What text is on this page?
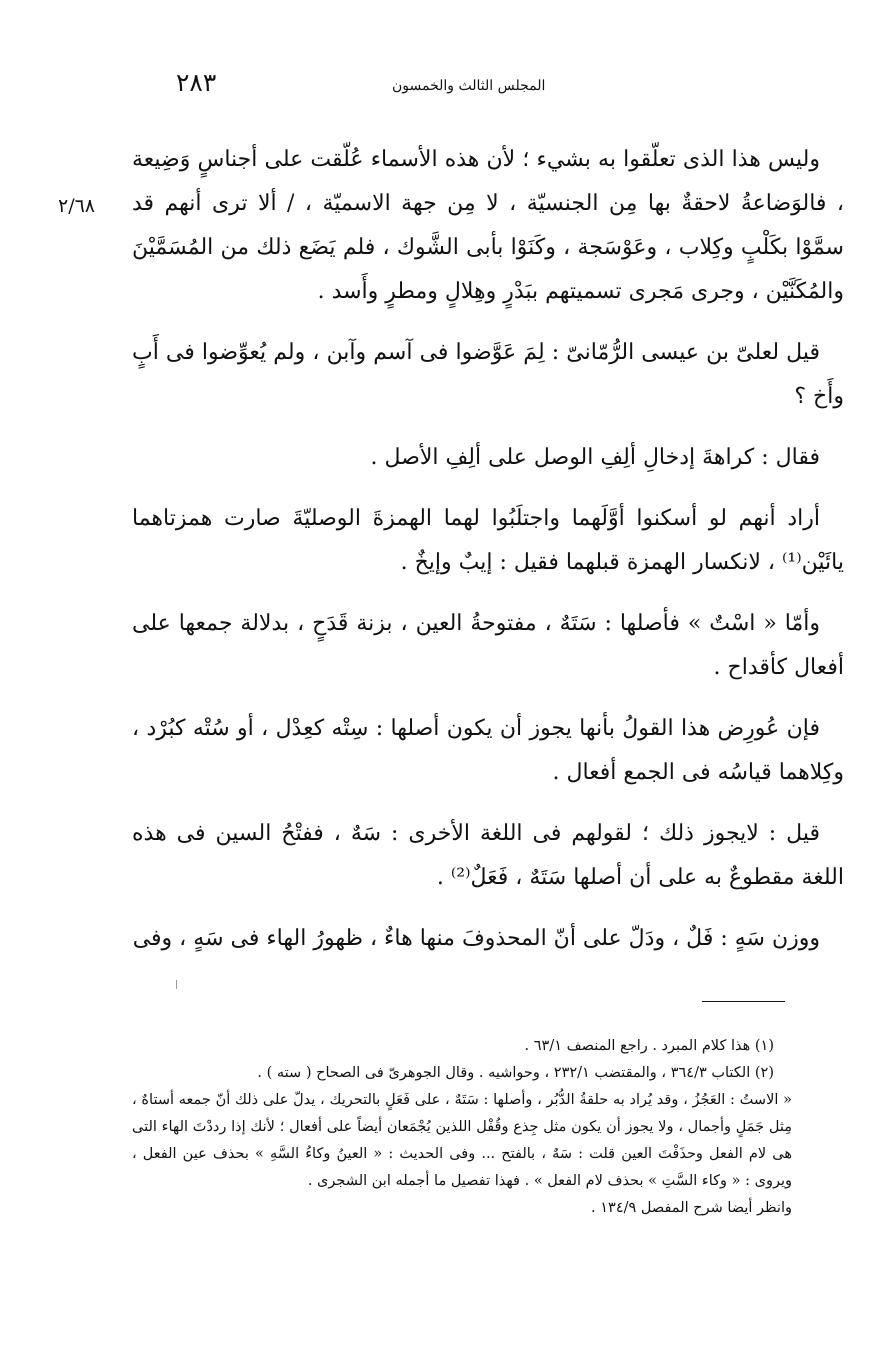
٢٨٣	المجلس الثالث والخمسون
٢/٦٨

وليس هذا الذى تعلّقوا به بشيء ؛ لأن هذه الأسماء عُلّقت على أجناسٍ وَضِيعة ، فالوَضاعةُ لاحقةٌ بها مِن الجنسيّة ، لا مِن جهة الاسميّة ، / ألا ترى أنهم قد سمَّوْا بكَلْبٍ وكِلاب ، وعَوْسَجة ، وكَنَوْا بأبى الشَّوك ، فلم يَضَع ذلك من المُسَمَّيْنَ والمُكَنَّيْن ، وجرى مَجرى تسميتهم ببَدْرٍ وهِلالٍ ومطرٍ وأَسد .

قيل لعلىّ بن عيسى الرُّمّانىّ : لِمَ عَوَّضوا فى آسم وآبن ، ولم يُعوِّضوا فى أَبٍ وأَخ ؟

فقال : كراهةَ إدخالِ ألِفِ الوصل على ألِفِ الأصل .

أراد أنهم لو أسكنوا أوَّلَهما واجتلَبُوا لهما الهمزةَ الوصليّةَ صارت همزتاهما يائَيْن⁽¹⁾ ، لانكسار الهمزة قبلهما فقيل : إيبٌ وإيخٌ .

وأمّا « اسْتٌ » فأصلها : سَتَهٌ ، مفتوحةُ العين ، بزنة قَدَحٍ ، بدلالة جمعها على أفعال كأقداح .

فإن عُورِض هذا القولُ بأنها يجوز أن يكون أصلها : سِتْه كعِدْل ، أو سُتْه كبُرْد ، وكِلاهما قياسُه فى الجمع أفعال .

قيل : لايجوز ذلك ؛ لقولهم فى اللغة الأخرى : سَهٌ ، ففتْحُ السين فى هذه اللغة مقطوعٌ به على أن أصلها سَتَهٌ ، فَعَلٌ⁽²⁾ .

ووزن سَهٍ : فَلٌ ، ودَلّ على أنّ المحذوفَ منها هاءٌ ، ظهورُ الهاء فى سَهٍ ، وفى

(١) هذا كلام المبرد . راجع المنصف ٦٣/١ .

(٢) الكتاب ٣٦٤/٣ ، والمقتضب ٢٣٢/١ ، وحواشيه . وقال الجوهرىّ فى الصحاح ( سته ) .

« الاستُ : العَجُزُ ، وقد يُراد به حلقةُ الدُّبُر ، وأصلها : سَتَهٌ ، على فَعَلٍ بالتحريك ، يدلّ على ذلك أنّ جمعه أستاهٌ ، مِثل جَمَلٍ وأجمال ، ولا يجوز أن يكون مثل جِذع وقُفْل اللذين يُجْمَعان أيضاً على أفعال ؛ لأنك إذا رددْتَ الهاء التى هى لام الفعل وحذَفْتَ العين قلت : سَهٌ ، بالفتح ... وفى الحديث : « العينُ وكاءُ السَّهِ » بحذف عين الفعل ، ويروى : « وكاء السَّتِ » بحذف لام الفعل » . فهذا تفصيل ما أجمله ابن الشجرى .

وانظر أيضا شرح المفصل ١٣٤/٩ .
